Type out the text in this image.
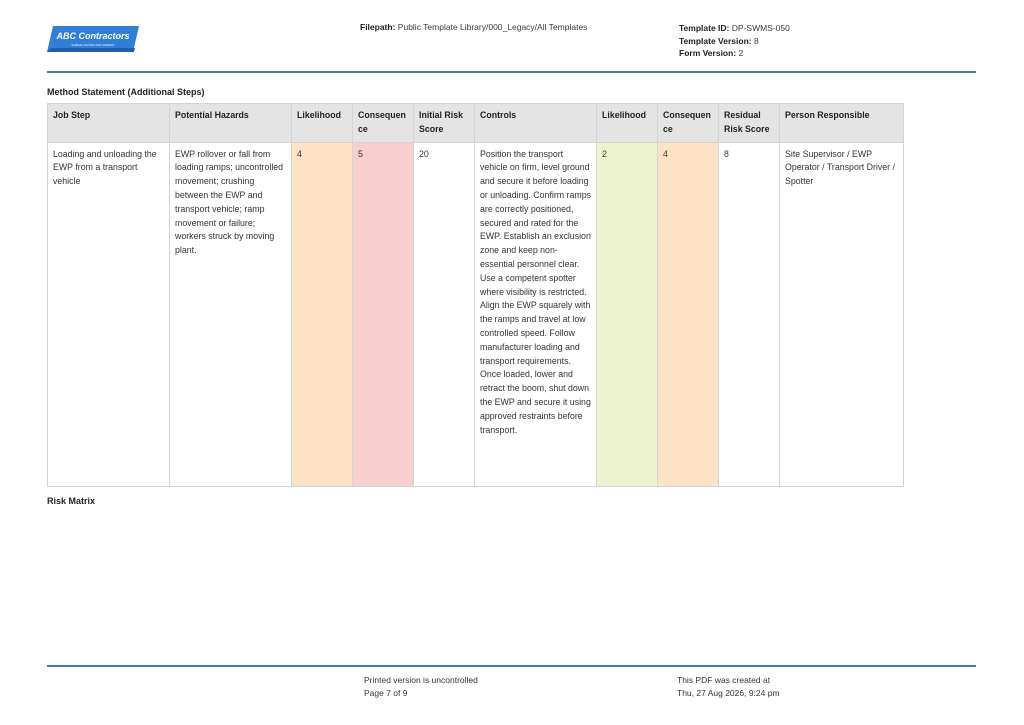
ABC Contractors
SAMPLE CONTRACTOR COMPANY
Filepath: Public Template Library/000_Legacy/All Templates	Template ID: DP-SWMS-050
Template Version: 8
Form Version: 2
Method Statement (Additional Steps)
Job Step	Potential Hazards	Likelihood	Consequen ce	Initial Risk Score	Controls	Likelihood	Consequen ce	Residual Risk Score	Person Responsible
Loading and unloading the EWP from a transport vehicle	EWP rollover or fall from loading ramps; uncontrolled movement; crushing between the EWP and transport vehicle; ramp movement or failure; workers struck by moving plant.	4	5	20	Position the transport vehicle on firm, level ground and secure it before loading or unloading. Confirm ramps are correctly positioned, secured and rated for the EWP. Establish an exclusion zone and keep non-essential personnel clear. Use a competent spotter where visibility is restricted. Align the EWP squarely with the ramps and travel at low controlled speed. Follow manufacturer loading and transport requirements. Once loaded, lower and retract the boom, shut down the EWP and secure it using approved restraints before transport.	2	4	8	Site Supervisor / EWP Operator / Transport Driver / Spotter
Risk Matrix
Printed version is uncontrolled
Page 7 of 9
This PDF was created at
Thu, 27 Aug 2026, 9:24 pm
